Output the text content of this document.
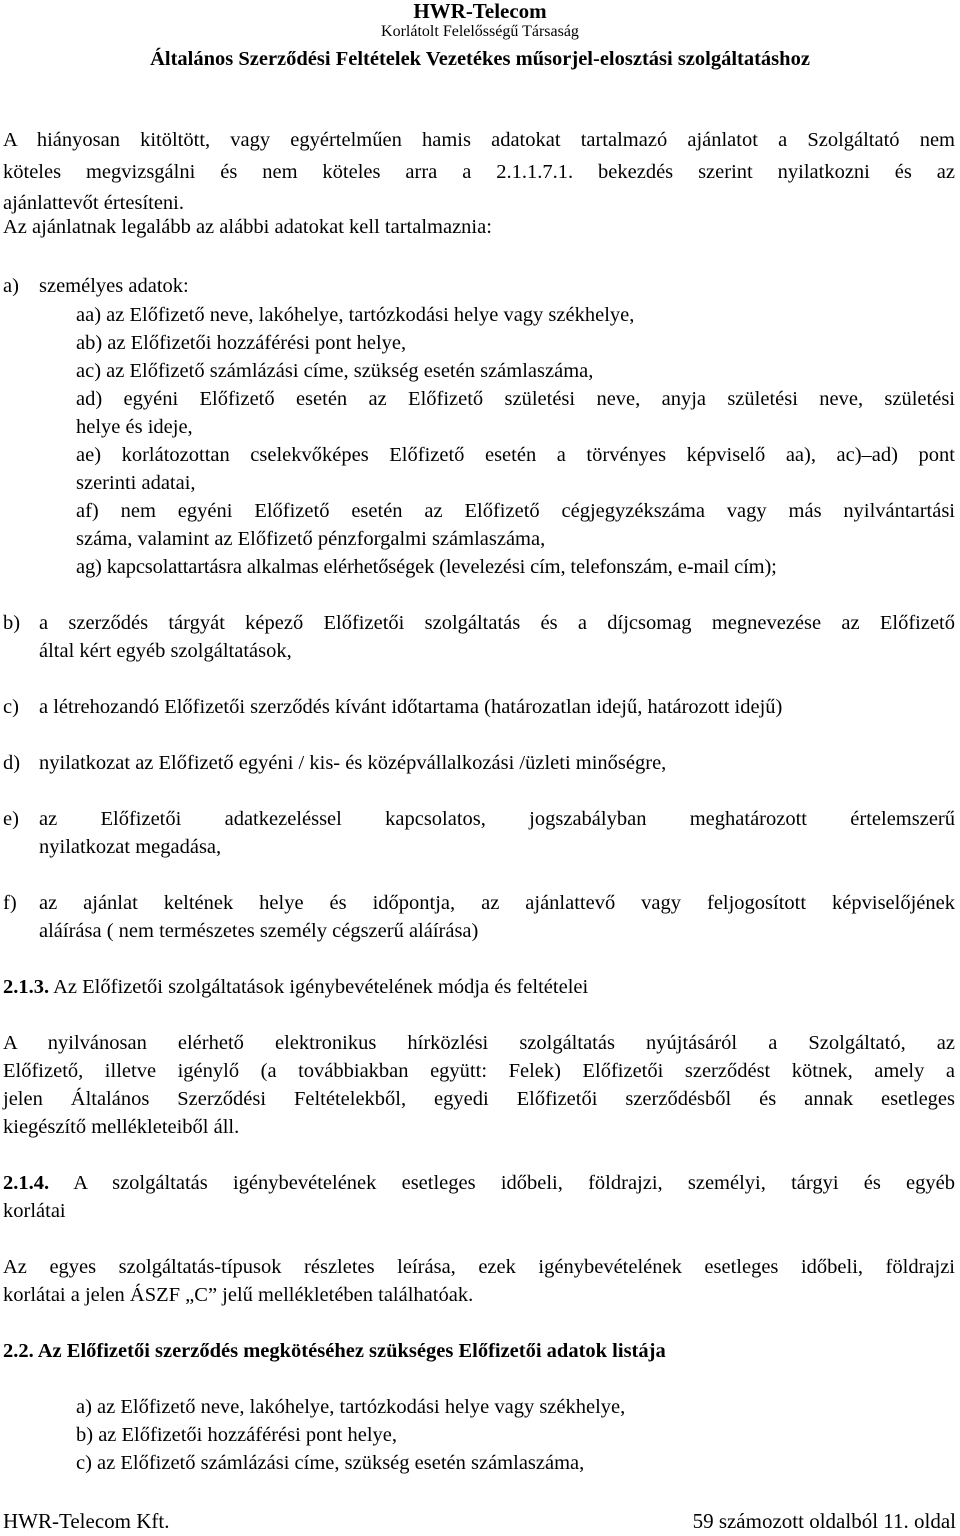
HWR-Telecom
Korlátolt Felelősségű Társaság
Általános Szerződési Feltételek Vezetékes műsorjel-elosztási szolgáltatáshoz
A hiányosan kitöltött, vagy egyértelműen hamis adatokat tartalmazó ajánlatot a Szolgáltató nem
köteles megvizsgálni és nem köteles arra a 2.1.1.7.1. bekezdés szerint nyilatkozni és az
ajánlattevőt értesíteni.
Az ajánlatnak legalább az alábbi adatokat kell tartalmaznia:
a) személyes adatok:
aa) az Előfizető neve, lakóhelye, tartózkodási helye vagy székhelye,
ab) az Előfizetői hozzáférési pont helye,
ac) az Előfizető számlázási címe, szükség esetén számlaszáma,
ad) egyéni Előfizető esetén az Előfizető születési neve, anyja születési neve, születési
helye és ideje,
ae) korlátozottan cselekvőképes Előfizető esetén a törvényes képviselő aa), ac)‒ad) pont
szerinti adatai,
af) nem egyéni Előfizető esetén az Előfizető cégjegyzékszáma vagy más nyilvántartási
száma, valamint az Előfizető pénzforgalmi számlaszáma,
ag) kapcsolattartásra alkalmas elérhetőségek (levelezési cím, telefonszám, e-mail cím);
b) a szerződés tárgyát képező Előfizetői szolgáltatás és a díjcsomag megnevezése az Előfizető
által kért egyéb szolgáltatások,
c) a létrehozandó Előfizetői szerződés kívánt időtartama (határozatlan idejű, határozott idejű)
d) nyilatkozat az Előfizető egyéni / kis- és középvállalkozási /üzleti minőségre,
e) az Előfizetői adatkezeléssel kapcsolatos, jogszabályban meghatározott értelemszerű
nyilatkozat megadása,
f) az ajánlat keltének helye és időpontja, az ajánlattevő vagy feljogosított képviselőjének
aláírása ( nem természetes személy cégszerű aláírása)
2.1.3. Az Előfizetői szolgáltatások igénybevételének módja és feltételei
A nyilvánosan elérhető elektronikus hírközlési szolgáltatás nyújtásáról a Szolgáltató, az
Előfizető, illetve igénylő (a továbbiakban együtt: Felek) Előfizetői szerződést kötnek, amely a
jelen Általános Szerződési Feltételekből, egyedi Előfizetői szerződésből és annak esetleges
kiegészítő mellékleteiből áll.
2.1.4. A szolgáltatás igénybevételének esetleges időbeli, földrajzi, személyi, tárgyi és egyéb
korlátai
Az egyes szolgáltatás-típusok részletes leírása, ezek igénybevételének esetleges időbeli, földrajzi
korlátai a jelen ÁSZF „C” jelű mellékletében találhatóak.
2.2. Az Előfizetői szerződés megkötéséhez szükséges Előfizetői adatok listája
a) az Előfizető neve, lakóhelye, tartózkodási helye vagy székhelye,
b) az Előfizetői hozzáférési pont helye,
c) az Előfizető számlázási címe, szükség esetén számlaszáma,
HWR-Telecom Kft.	59 számozott oldalból 11. oldal
